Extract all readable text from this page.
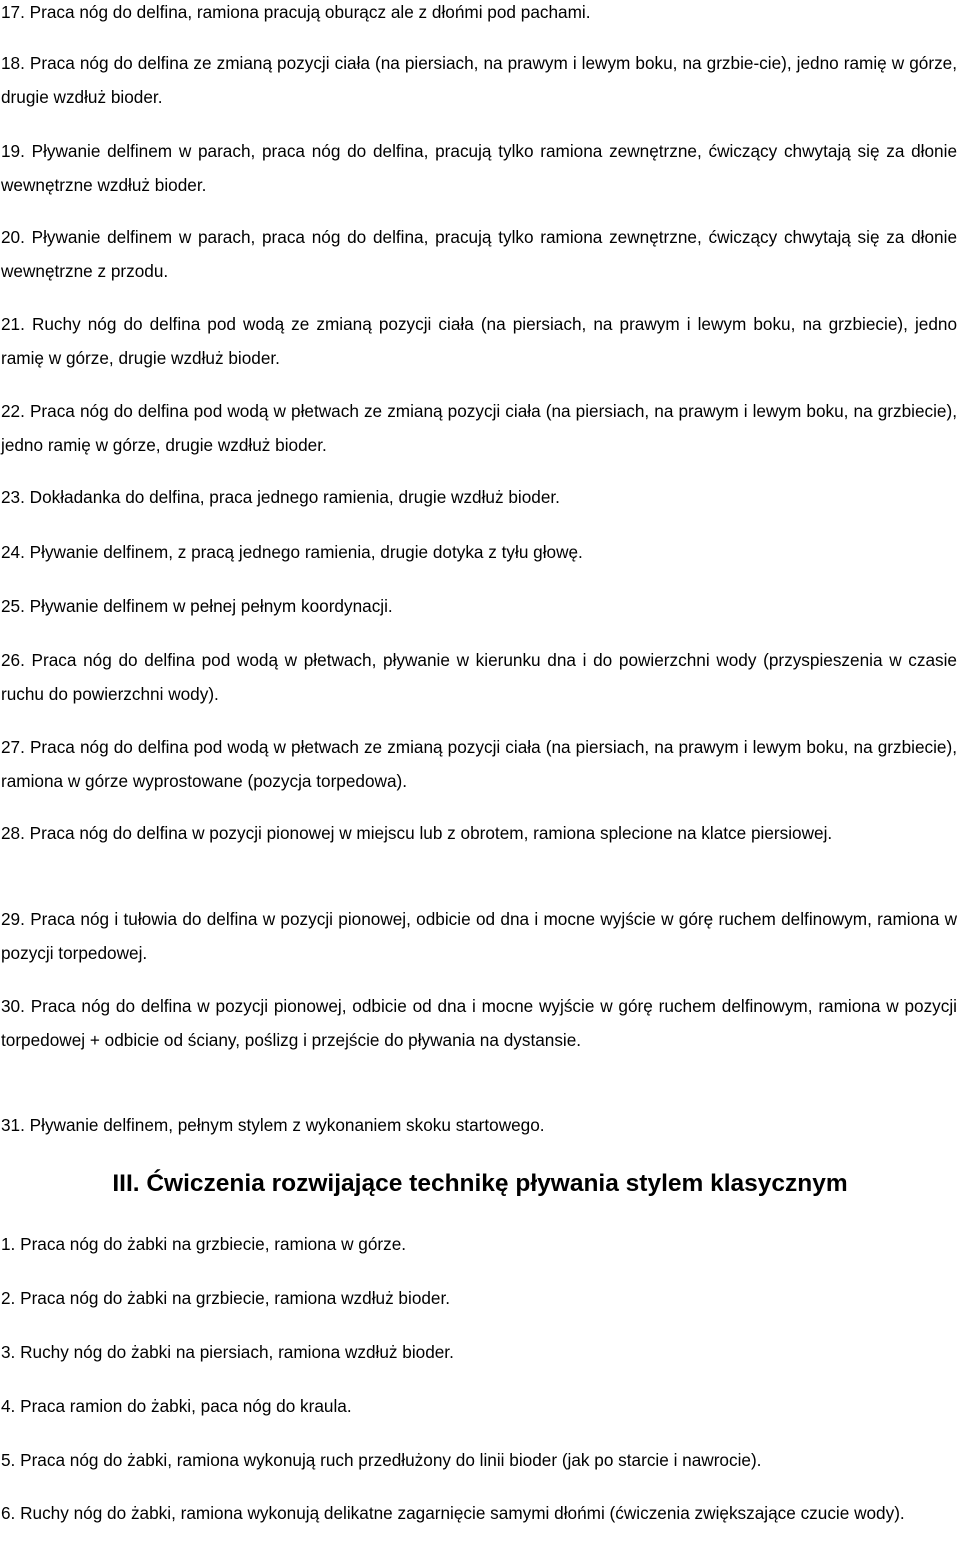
17. Praca nóg do delfina, ramiona pracują oburącz ale z dłońmi pod pachami.

18. Praca nóg do delfina ze zmianą pozycji ciała (na piersiach, na prawym i lewym boku, na grzbie-cie), jedno ramię w górze, drugie wzdłuż bioder.

19. Pływanie delfinem w parach, praca nóg do delfina, pracują tylko ramiona zewnętrzne, ćwiczący chwytają się za dłonie wewnętrzne wzdłuż bioder.

20. Pływanie delfinem w parach, praca nóg do delfina, pracują tylko ramiona zewnętrzne, ćwiczący chwytają się za dłonie wewnętrzne z przodu.

21. Ruchy nóg do delfina pod wodą ze zmianą pozycji ciała (na piersiach, na prawym i lewym boku, na grzbiecie), jedno ramię w górze, drugie wzdłuż bioder.

22. Praca nóg do delfina pod wodą w płetwach ze zmianą pozycji ciała (na piersiach, na prawym i lewym boku, na grzbiecie), jedno ramię w górze, drugie wzdłuż bioder.

23. Dokładanka do delfina, praca jednego ramienia, drugie wzdłuż bioder.

24. Pływanie delfinem, z pracą jednego ramienia, drugie dotyka z tyłu głowę.

25. Pływanie delfinem w pełnej pełnym koordynacji.

26. Praca nóg do delfina pod wodą w płetwach, pływanie w kierunku dna i do powierzchni wody (przyspieszenia w czasie ruchu do powierzchni wody).

27. Praca nóg do delfina pod wodą w płetwach ze zmianą pozycji ciała (na piersiach, na prawym i lewym boku, na grzbiecie), ramiona w górze wyprostowane (pozycja torpedowa).

28. Praca nóg do delfina w pozycji pionowej w miejscu lub z obrotem, ramiona splecione na klatce piersiowej.

29. Praca nóg i tułowia do delfina w pozycji pionowej, odbicie od dna i mocne wyjście w górę ruchem delfinowym, ramiona w pozycji torpedowej.

30. Praca nóg do delfina w pozycji pionowej, odbicie od dna i mocne wyjście w górę ruchem delfinowym, ramiona w pozycji torpedowej + odbicie od ściany, poślizg i przejście do pływania na dystansie.

31. Pływanie delfinem, pełnym stylem z wykonaniem skoku startowego.

III. Ćwiczenia rozwijające technikę pływania stylem klasycznym

1. Praca nóg do żabki na grzbiecie, ramiona w górze.

2. Praca nóg do żabki na grzbiecie, ramiona wzdłuż bioder.

3. Ruchy nóg do żabki na piersiach, ramiona wzdłuż bioder.

4. Praca ramion do żabki, paca nóg do kraula.

5. Praca nóg do żabki, ramiona wykonują ruch przedłużony do linii bioder (jak po starcie i nawrocie).

6. Ruchy nóg do żabki, ramiona wykonują delikatne zagarnięcie samymi dłońmi (ćwiczenia zwiększające czucie wody).
